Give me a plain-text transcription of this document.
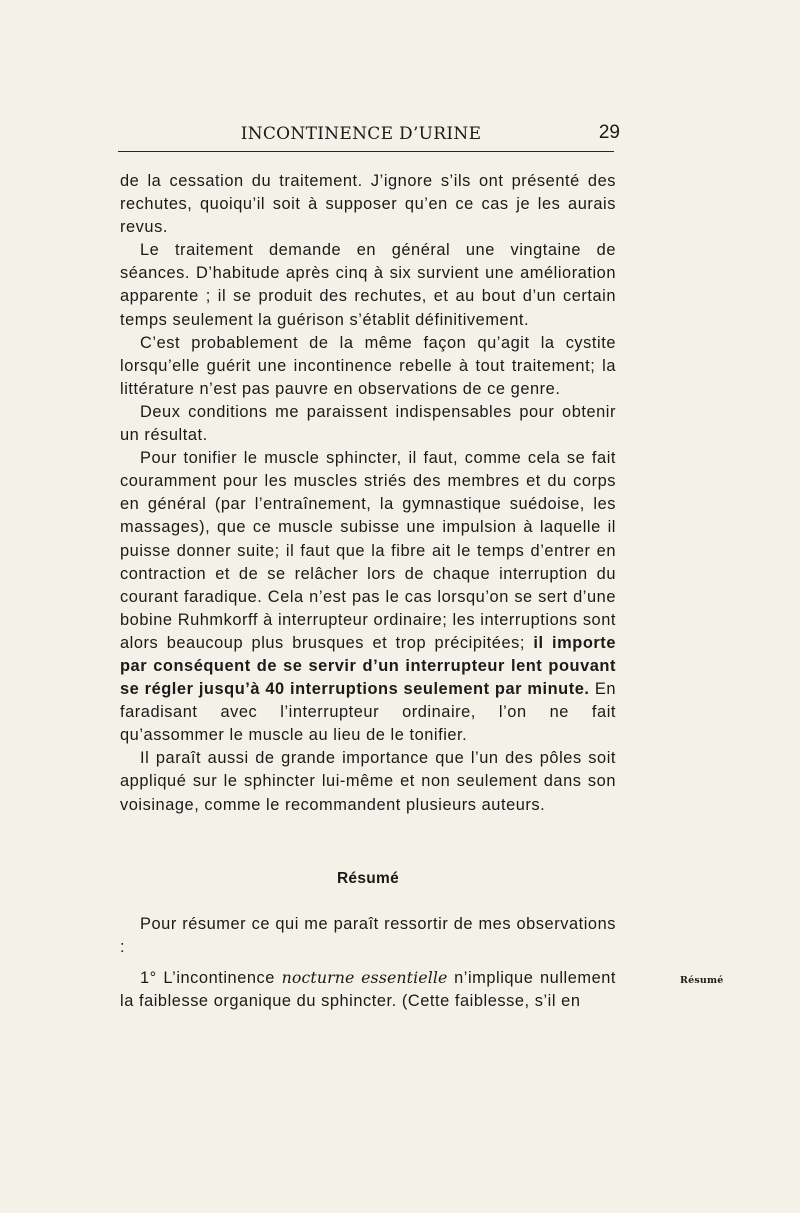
INCONTINENCE D’URINE	29

de la cessation du traitement. J’ignore s’ils ont présenté des rechutes, quoiqu’il soit à supposer qu’en ce cas je les aurais revus.

Le traitement demande en général une vingtaine de séances. D’habitude après cinq à six survient une amélioration apparente ; il se produit des rechutes, et au bout d’un certain temps seulement la guérison s’établit définitivement.

C’est probablement de la même façon qu’agit la cystite lorsqu’elle guérit une incontinence rebelle à tout traitement; la littérature n’est pas pauvre en observations de ce genre.

Deux conditions me paraissent indispensables pour obtenir un résultat.

Pour tonifier le muscle sphincter, il faut, comme cela se fait couramment pour les muscles striés des membres et du corps en général (par l’entraînement, la gymnastique suédoise, les massages), que ce muscle subisse une impulsion à laquelle il puisse donner suite; il faut que la fibre ait le temps d’entrer en contraction et de se relâcher lors de chaque interruption du courant faradique. Cela n’est pas le cas lorsqu’on se sert d’une bobine Ruhmkorff à interrupteur ordinaire; les interruptions sont alors beaucoup plus brusques et trop précipitées; il importe par conséquent de se servir d’un interrupteur lent pouvant se régler jusqu’à 40 interruptions seulement par minute. En faradisant avec l’interrupteur ordinaire, l’on ne fait qu’assommer le muscle au lieu de le tonifier.

Il paraît aussi de grande importance que l’un des pôles soit appliqué sur le sphincter lui-même et non seulement dans son voisinage, comme le recommandent plusieurs auteurs.

Résumé

Pour résumer ce qui me paraît ressortir de mes observations :

1° L’incontinence nocturne essentielle n’implique nullement la faiblesse organique du sphincter. (Cette faiblesse, s’il en

Résumé
